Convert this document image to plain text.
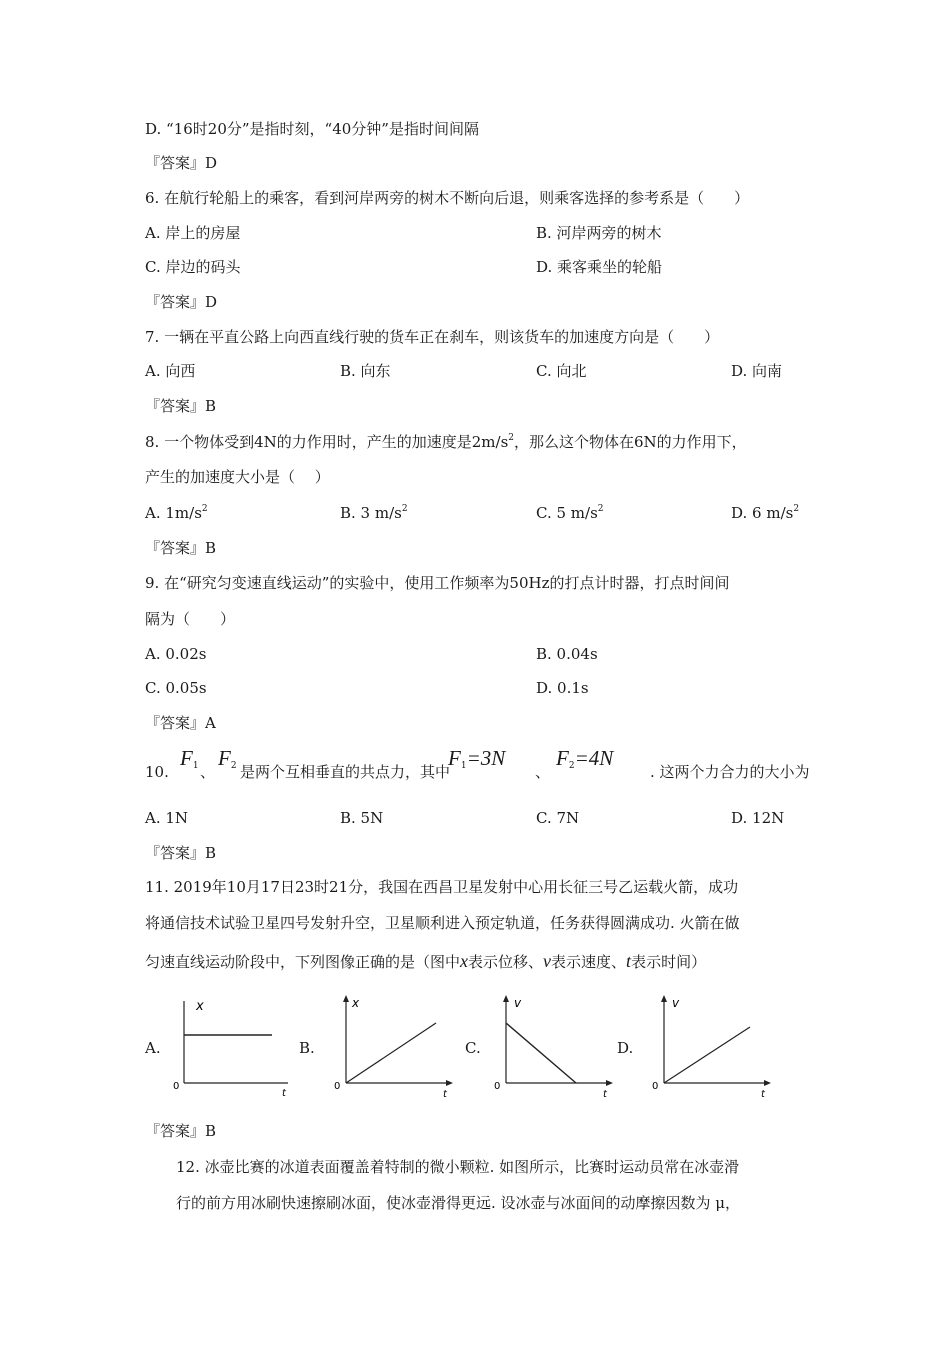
D. “16时20分”是指时刻，“40分钟”是指时间间隔
『答案』D
6. 在航行轮船上的乘客，看到河岸两旁的树木不断向后退，则乘客选择的参考系是（　　）
A. 岸上的房屋	B. 河岸两旁的树木
C. 岸边的码头	D. 乘客乘坐的轮船
『答案』D
7. 一辆在平直公路上向西直线行驶的货车正在刹车，则该货车的加速度方向是（　　）
A. 向西	B. 向东	C. 向北	D. 向南
『答案』B
8. 一个物体受到4N的力作用时，产生的加速度是$2m/s^2$，那么这个物体在6N的力作用下，
产生的加速度大小是（　 ）
A. $1m/s^2$	B. 3 $m/s^2$	C. 5 $m/s^2$	D. 6 $m/s^2$
『答案』B
9. 在“研究匀变速直线运动”的实验中，使用工作频率为50Hz的打点计时器，打点时间间
隔为（　　）
A. 0.02s	B. 0.04s
C. 0.05s	D. 0.1s
『答案』A
10.
$F_1$ 、
$F_2$ 是两个互相垂直的共点力，其中
$F_1=3N$
、
$F_2=4N$
. 这两个力合力的大小为
A. 1N	B. 5N	C. 7N	D. 12N
『答案』B
11. 2019年10月17日23时21分，我国在西昌卫星发射中心用长征三号乙运载火箭，成功
将通信技术试验卫星四号发射升空，卫星顺利进入预定轨道，任务获得圆满成功. 火箭在做
匀速直线运动阶段中，下列图像正确的是（图中x表示位移、v表示速度、t表示时间）
A.	B.	C.	D.
x
t
0
x
t
0
v
t
0
v
t
0
『答案』B
12. 冰壶比赛的冰道表面覆盖着特制的微小颗粒. 如图所示，比赛时运动员常在冰壶滑
行的前方用冰刷快速擦刷冰面，使冰壶滑得更远. 设冰壶与冰面间的动摩擦因数为 μ，
